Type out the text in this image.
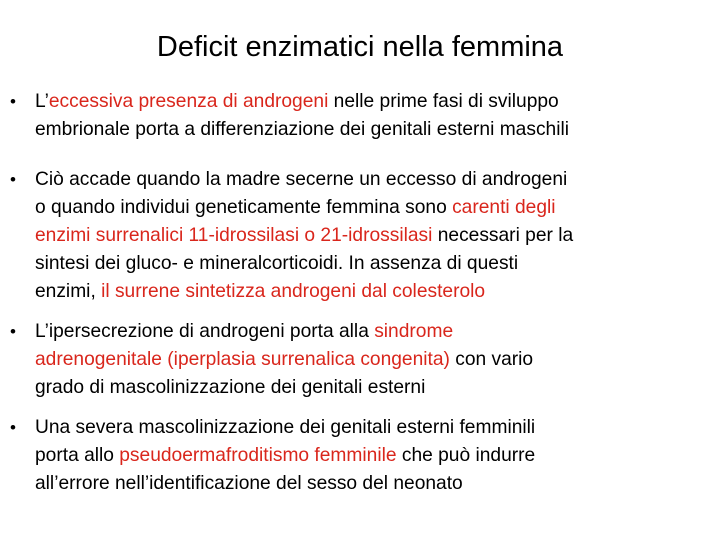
Deficit enzimatici nella femmina
• L’eccessiva presenza di androgeni nelle prime fasi di sviluppo
embrionale porta a differenziazione dei genitali esterni maschili
• Ciò accade quando la madre secerne un eccesso di androgeni
o quando individui geneticamente femmina sono carenti degli
enzimi surrenalici 11-idrossilasi o 21-idrossilasi necessari per la
sintesi dei gluco- e mineralcorticoidi. In assenza di questi
enzimi, il surrene sintetizza androgeni dal colesterolo
• L’ipersecrezione di androgeni porta alla sindrome
adrenogenitale (iperplasia surrenalica congenita) con vario
grado di mascolinizzazione dei genitali esterni
• Una severa mascolinizzazione dei genitali esterni femminili
porta allo pseudoermafroditismo femminile che può indurre
all’errore nell’identificazione del sesso del neonato
